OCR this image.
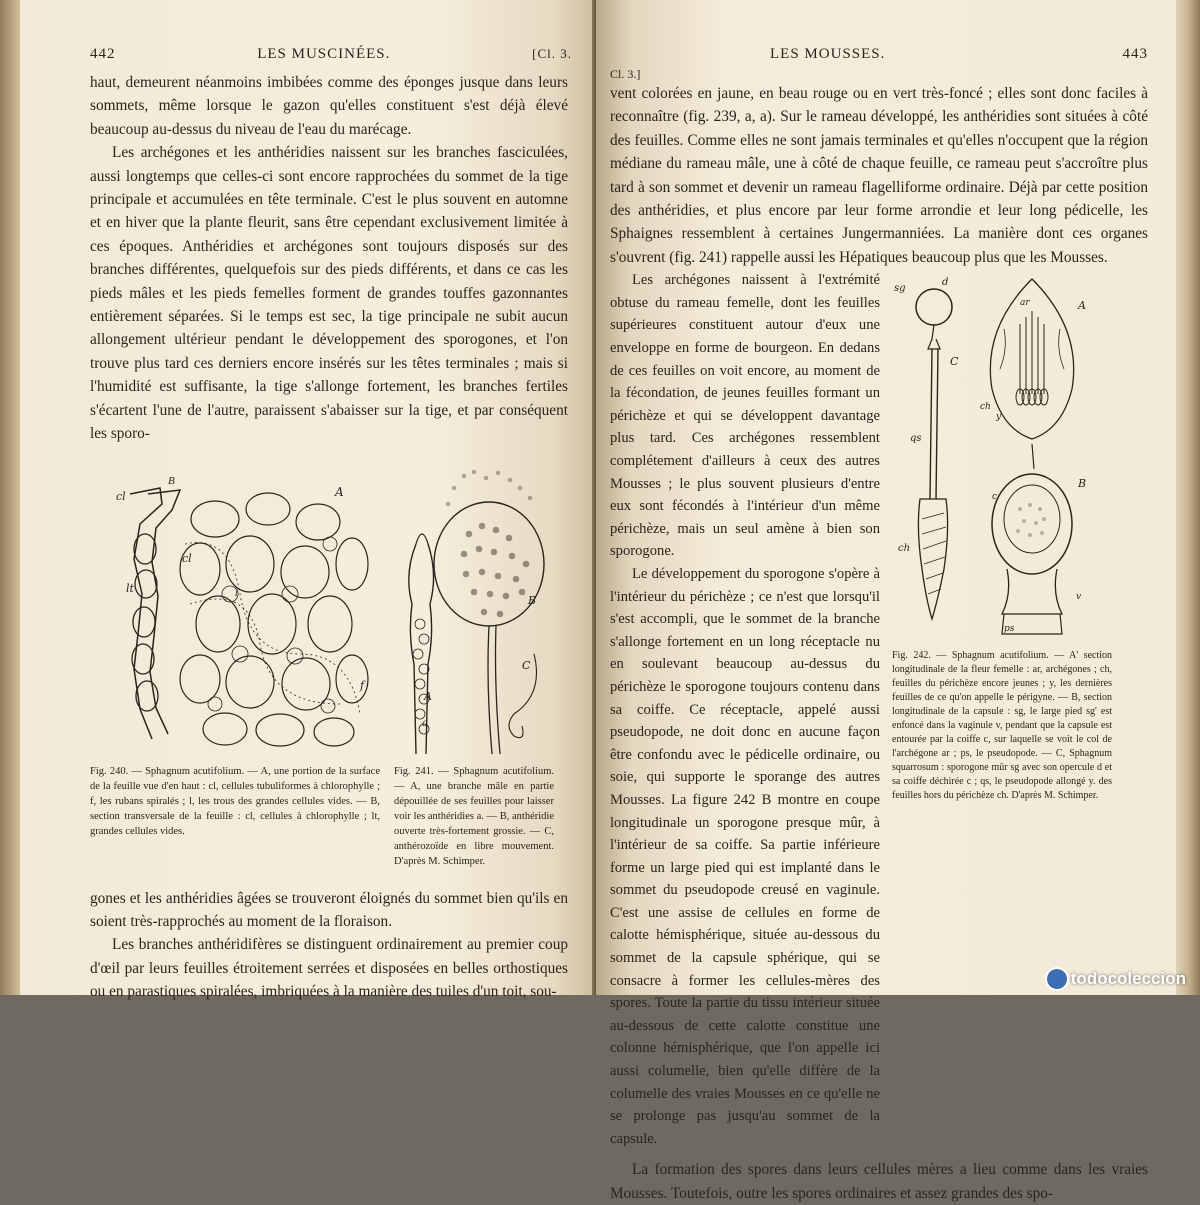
442	LES MUSCINÉES.	[Cl. 3.

haut, demeurent néanmoins imbibées comme des éponges jusque dans leurs sommets, même lorsque le gazon qu'elles constituent s'est déjà élevé beaucoup au-dessus du niveau de l'eau du marécage.

Les archégones et les anthéridies naissent sur les branches fasciculées, aussi longtemps que celles-ci sont encore rapprochées du sommet de la tige principale et accumulées en tête terminale. C'est le plus souvent en automne et en hiver que la plante fleurit, sans être cependant exclusivement limitée à ces époques. Anthéridies et archégones sont toujours disposés sur des branches différentes, quelquefois sur des pieds différents, et dans ce cas les pieds mâles et les pieds femelles forment de grandes touffes gazonnantes entièrement séparées. Si le temps est sec, la tige principale ne subit aucun allongement ultérieur pendant le développement des sporogones, et l'on trouve plus tard ces derniers encore insérés sur les têtes terminales ; mais si l'humidité est suffisante, la tige s'allonge fortement, les branches fertiles s'écartent l'une de l'autre, paraissent s'abaisser sur la tige, et par conséquent les sporo-

B
cl
lt
cl
A
f
l
Fig. 240. — Sphagnum acutifolium. — A, une portion de la surface de la feuille vue d'en haut : cl, cellules tubuliformes à chlorophylle ; f, les rubans spiralés ; l, les trous des grandes cellules vides. — B, section transversale de la feuille : cl, cellules à chlorophylle ; lt, grandes cellules vides.
A
a
B
C
Fig. 241. — Sphagnum acutifolium. — A, une branche mâle en partie dépouillée de ses feuilles pour laisser voir les anthéridies a. — B, anthéridie ouverte très-fortement grossie. — C, anthérozoïde en libre mouvement. D'après M. Schimper.

gones et les anthéridies âgées se trouveront éloignés du sommet bien qu'ils en soient très-rapprochés au moment de la floraison.

Les branches anthéridifères se distinguent ordinairement au premier coup d'œil par leurs feuilles étroitement serrées et disposées en belles orthostiques ou en parastiques spiralées, imbriquées à la manière des tuiles d'un toit, sou-

LES MOUSSES.	443
Cl. 3.]

vent colorées en jaune, en beau rouge ou en vert très-foncé ; elles sont donc faciles à reconnaître (fig. 239, a, a). Sur le rameau développé, les anthéridies sont situées à côté des feuilles. Comme elles ne sont jamais terminales et qu'elles n'occupent que la région médiane du rameau mâle, une à côté de chaque feuille, ce rameau peut s'accroître plus tard à son sommet et devenir un rameau flagelliforme ordinaire. Déjà par cette position des anthéridies, et plus encore par leur forme arrondie et leur long pédicelle, les Sphaignes ressemblent à certaines Jungermanniées. La manière dont ces organes s'ouvrent (fig. 241) rappelle aussi les Hépatiques beaucoup plus que les Mousses.

Les archégones naissent à l'extrémité obtuse du rameau femelle, dont les feuilles supérieures constituent autour d'eux une enveloppe en forme de bourgeon. En dedans de ces feuilles on voit encore, au moment de la fécondation, de jeunes feuilles formant un périchèze et qui se développent davantage plus tard. Ces archégones ressemblent complétement d'ailleurs à ceux des autres Mousses ; le plus souvent plusieurs d'entre eux sont fécondés à l'intérieur d'un même périchèze, mais un seul amène à bien son sporogone.

Le développement du sporogone s'opère à l'intérieur du périchèze ; ce n'est que lorsqu'il s'est accompli, que le sommet de la branche s'allonge fortement en un long réceptacle nu en soulevant beaucoup au-dessus du périchèze le sporogone toujours contenu dans sa coiffe. Ce réceptacle, appelé aussi pseudopode, ne doit donc en aucune façon être confondu avec le pédicelle ordinaire, ou soie, qui supporte le sporange des autres Mousses. La figure 242 B montre en coupe longitudinale un sporogone presque mûr, à l'intérieur de sa coiffe. Sa partie inférieure forme un large pied qui est implanté dans le sommet du pseudopode creusé en vaginule. C'est une assise de cellules en forme de calotte hémisphérique, située au-dessous du sommet de la capsule sphérique, qui se consacre à former les cellules-mères des spores. Toute la partie du tissu intérieur située au-dessous de cette calotte constitue une colonne hémisphérique, que l'on appelle ici aussi columelle, bien qu'elle diffère de la columelle des vraies Mousses en ce qu'elle ne se prolonge pas jusqu'au sommet de la capsule.

d
sg
C
qs
ch
A
ar
ch
y
B
c
v
ps
Fig. 242. — Sphagnum acutifolium. — A' section longitudinale de la fleur femelle : ar, archégones ; ch, feuilles du périchèze encore jeunes ; y, les dernières feuilles de ce qu'on appelle le périgyne. — B, section longitudinale de la capsule : sg, le large pied sg' est enfoncé dans la vaginule v, pendant que la capsule est entourée par la coiffe c, sur laquelle se voit le col de l'archégone ar ; ps, le pseudopode. — C, Sphagnum squarrosum : sporogone mûr sg avec son opercule d et sa coiffe déchirée c ; qs, le pseudopode allongé y. des feuilles hors du périchèze ch. D'après M. Schimper.

La formation des spores dans leurs cellules mères a lieu comme dans les vraies Mousses. Toutefois, outre les spores ordinaires et assez grandes des spo-

todocoleccion
